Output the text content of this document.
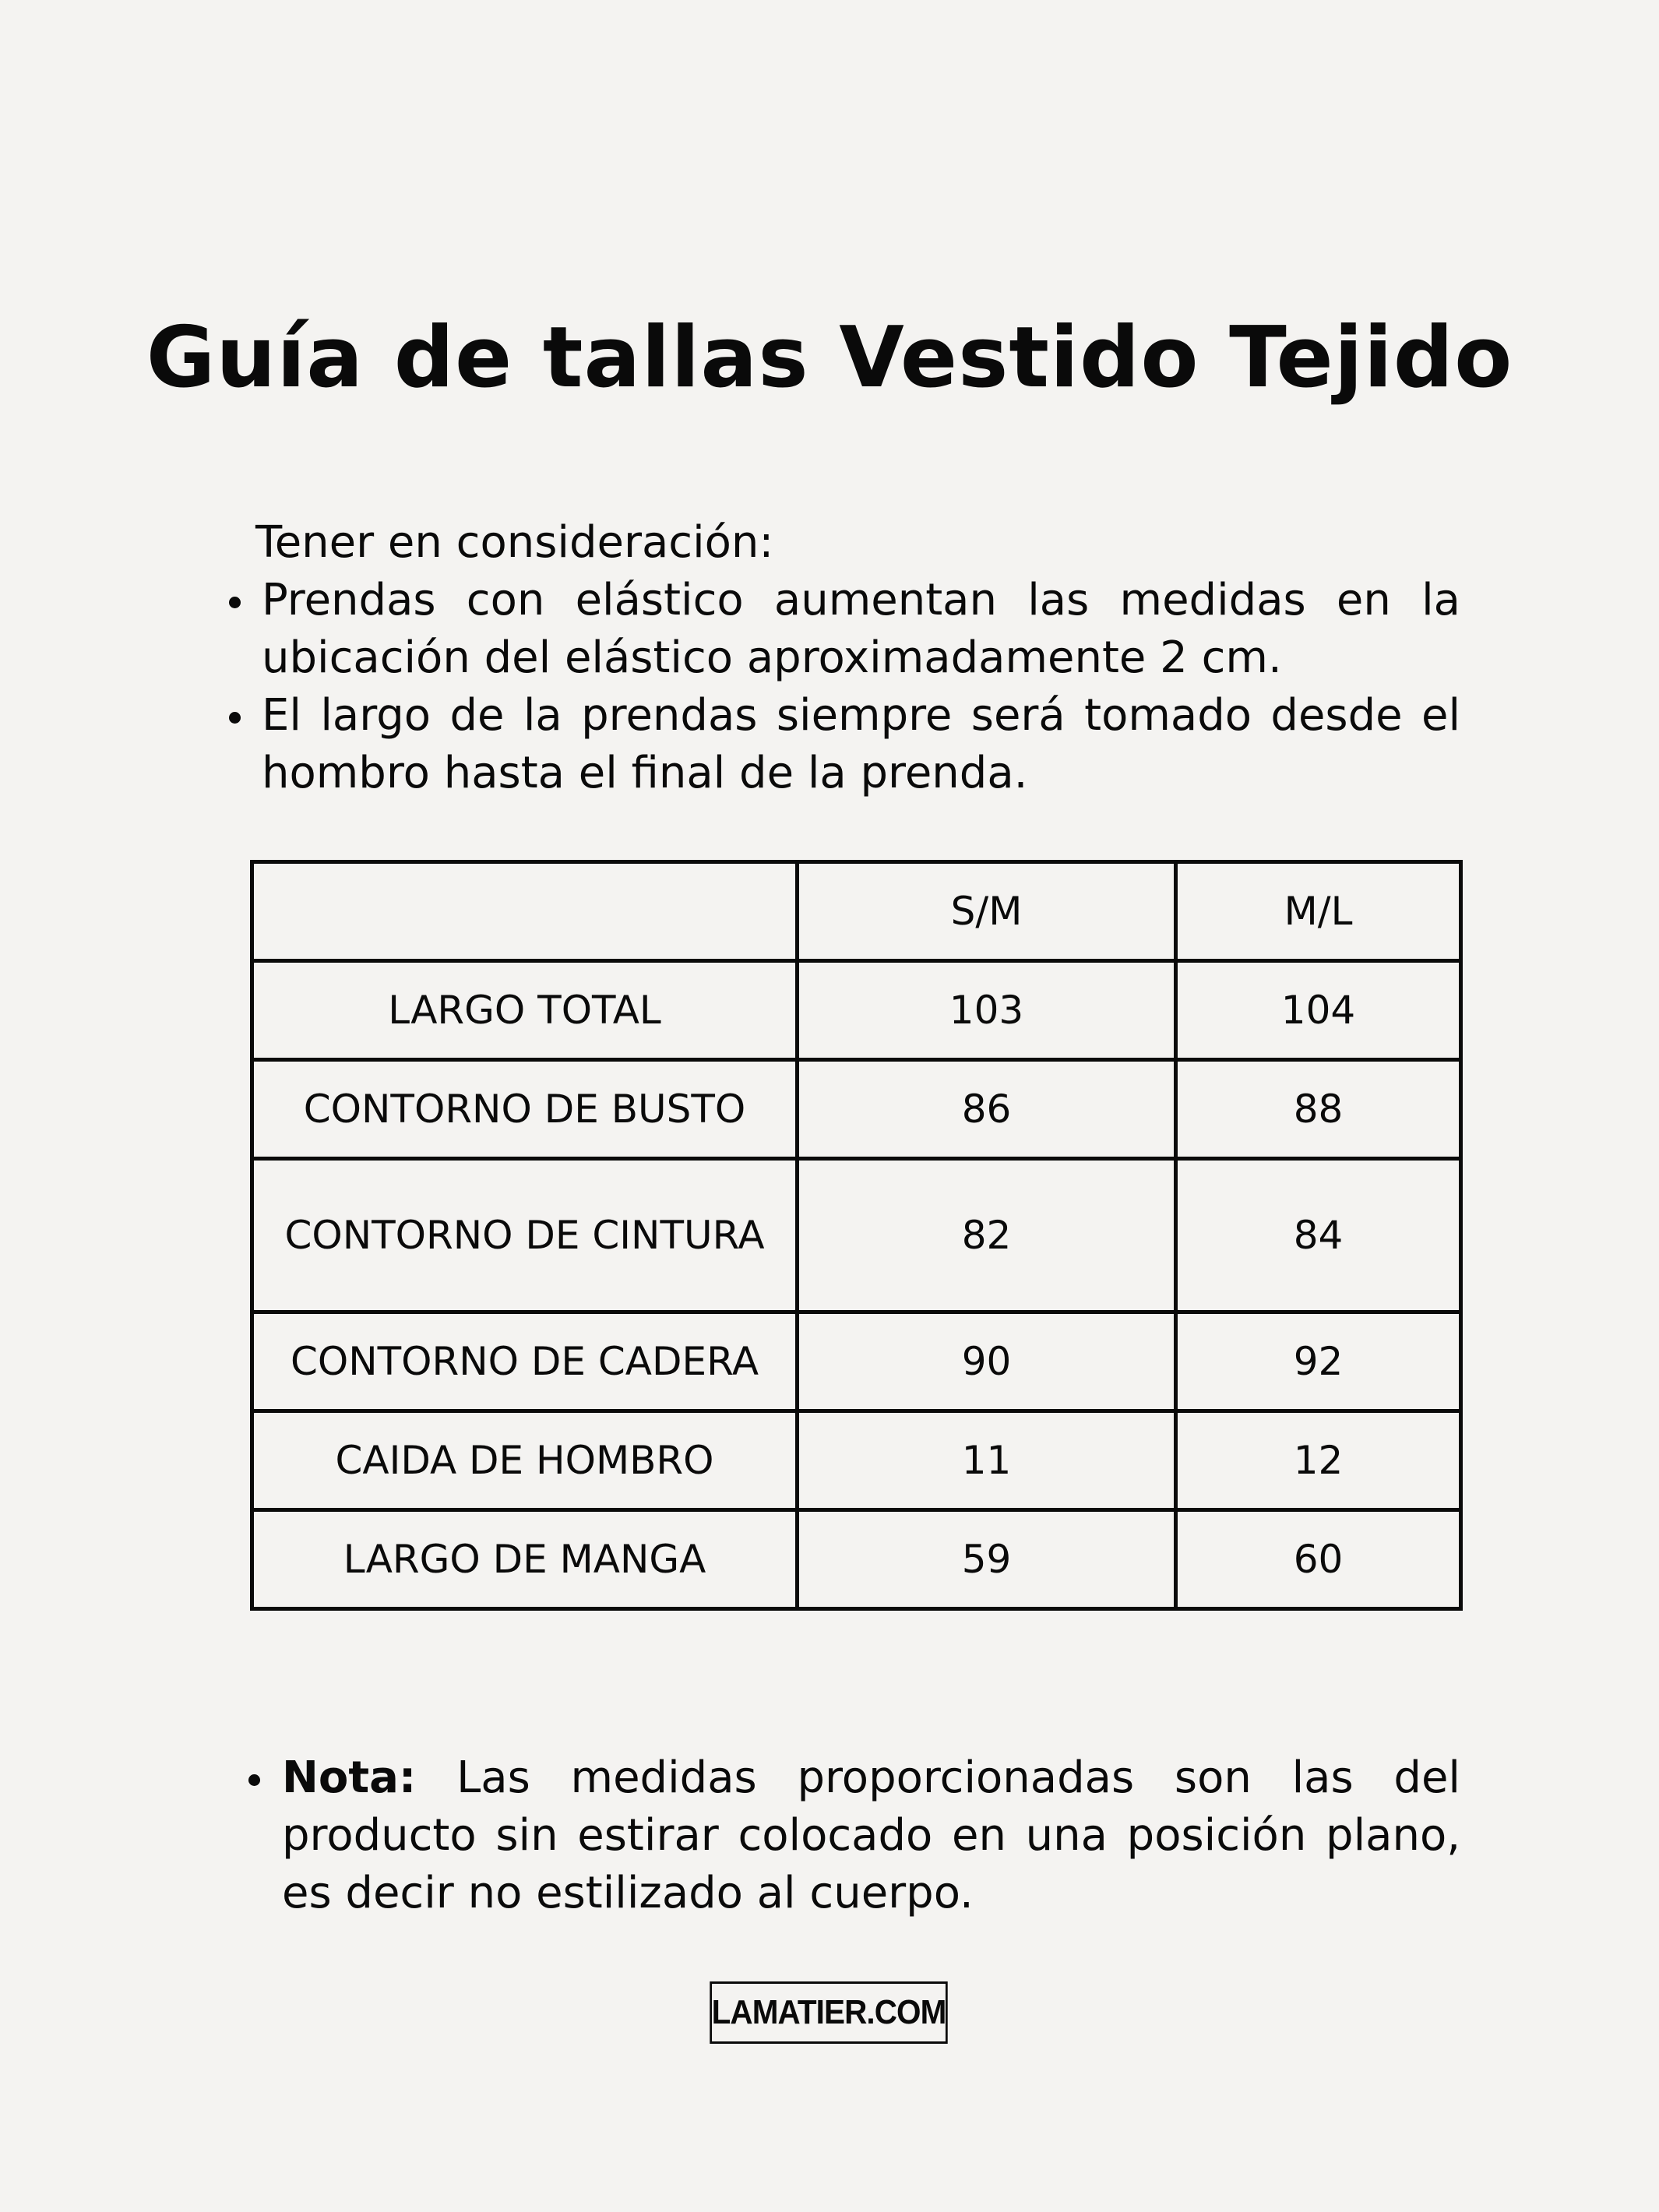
Guía de tallas Vestido Tejido
Tener en consideración:
Prendas con elástico aumentan las medidas en la ubicación del elástico aproximadamente 2 cm.
El largo de la prendas siempre será tomado desde el hombro hasta el final de la prenda.
	S/M	M/L
LARGO TOTAL	103	104
CONTORNO DE BUSTO	86	88
CONTORNO DE CINTURA	82	84
CONTORNO DE CADERA	90	92
CAIDA DE HOMBRO	11	12
LARGO DE MANGA	59	60
Nota: Las medidas proporcionadas son las del producto sin estirar colocado en una posición plano, es decir no estilizado al cuerpo.
LAMATIER.COM
